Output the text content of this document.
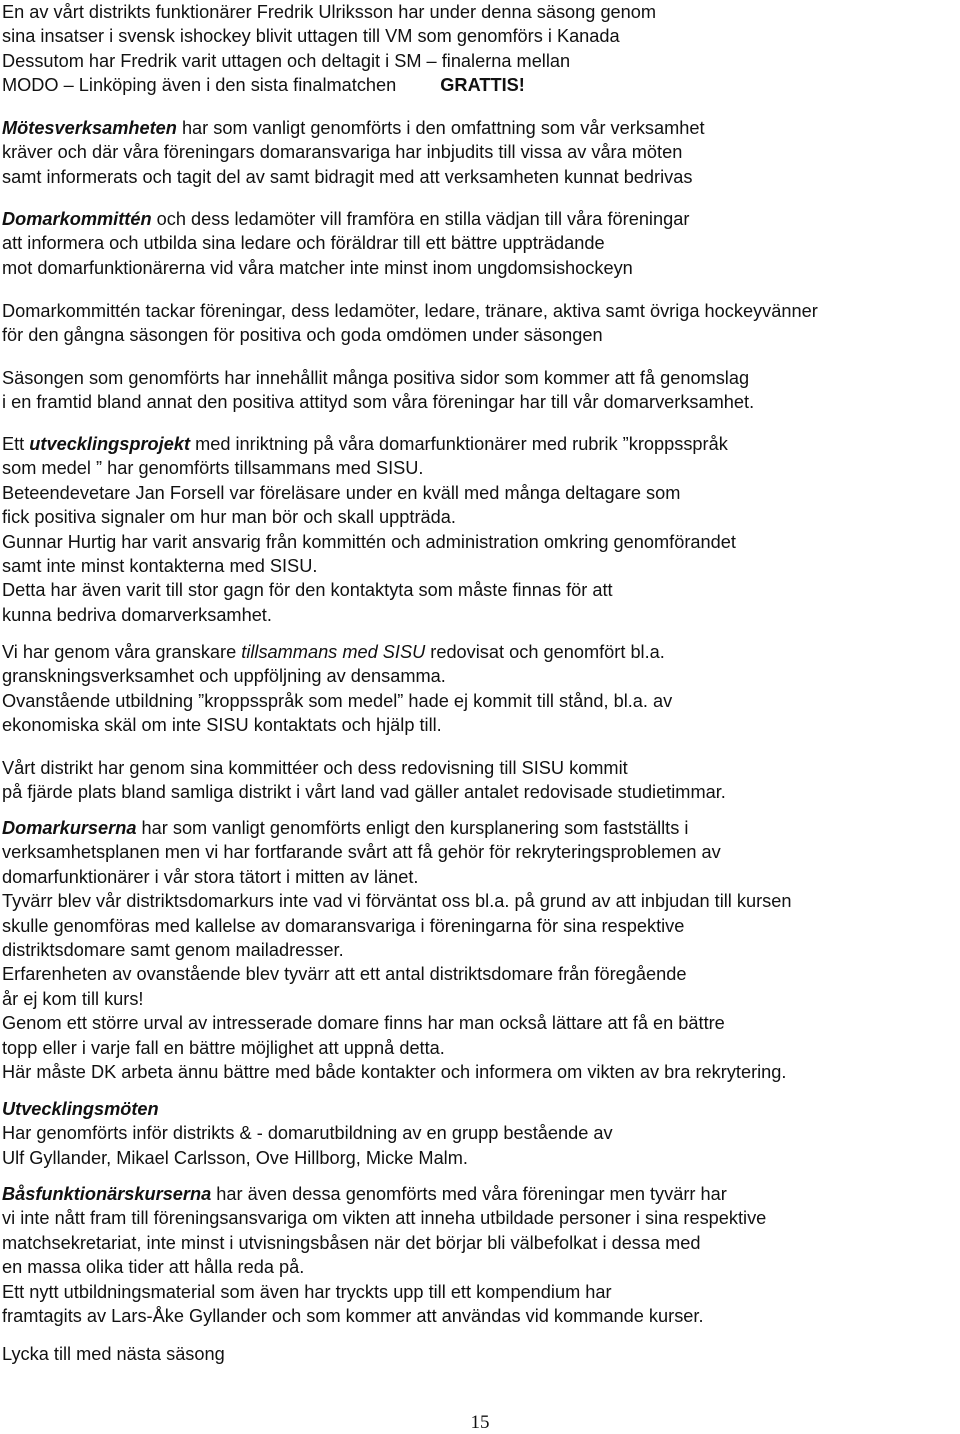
En av vårt distrikts funktionärer Fredrik Ulriksson har under denna säsong genom
sina insatser i svensk ishockey blivit uttagen till VM som genomförs i Kanada
Dessutom har Fredrik varit uttagen och deltagit i SM – finalerna mellan
MODO – Linköping även i den sista finalmatchen GRATTIS!
Mötesverksamheten har som vanligt genomförts i den omfattning som vår verksamhet
kräver och där våra föreningars domaransvariga har inbjudits till vissa av våra möten
samt informerats och tagit del av samt bidragit med att verksamheten kunnat bedrivas
Domarkommittén och dess ledamöter vill framföra en stilla vädjan till våra föreningar
att informera och utbilda sina ledare och föräldrar till ett bättre uppträdande
mot domarfunktionärerna vid våra matcher inte minst inom ungdomsishockeyn
Domarkommittén tackar föreningar, dess ledamöter, ledare, tränare, aktiva samt övriga hockeyvänner
för den gångna säsongen för positiva och goda omdömen under säsongen
Säsongen som genomförts har innehållit många positiva sidor som kommer att få genomslag
i en framtid bland annat den positiva attityd som våra föreningar har till vår domarverksamhet.
Ett utvecklingsprojekt med inriktning på våra domarfunktionärer med rubrik ”kroppsspråk
som medel ” har genomförts tillsammans med SISU.
Beteendevetare Jan Forsell var föreläsare under en kväll med många deltagare som
fick positiva signaler om hur man bör och skall uppträda.
Gunnar Hurtig har varit ansvarig från kommittén och administration omkring genomförandet
samt inte minst kontakterna med SISU.
Detta har även varit till stor gagn för den kontaktyta som måste finnas för att
kunna bedriva domarverksamhet.
Vi har genom våra granskare tillsammans med SISU redovisat och genomfört bl.a.
granskningsverksamhet och uppföljning av densamma.
Ovanstående utbildning ”kroppsspråk som medel” hade ej kommit till stånd, bl.a. av
ekonomiska skäl om inte SISU kontaktats och hjälp till.
Vårt distrikt har genom sina kommittéer och dess redovisning till SISU kommit
på fjärde plats bland samliga distrikt i vårt land vad gäller antalet redovisade studietimmar.
Domarkurserna har som vanligt genomförts enligt den kursplanering som fastställts i
verksamhetsplanen men vi har fortfarande svårt att få gehör för rekryteringsproblemen av
domarfunktionärer i vår stora tätort i mitten av länet.
Tyvärr blev vår distriktsdomarkurs inte vad vi förväntat oss bl.a. på grund av att inbjudan till kursen
skulle genomföras med kallelse av domaransvariga i föreningarna för sina respektive
distriktsdomare samt genom mailadresser.
Erfarenheten av ovanstående blev tyvärr att ett antal distriktsdomare från föregående
år ej kom till kurs!
Genom ett större urval av intresserade domare finns har man också lättare att få en bättre
topp eller i varje fall en bättre möjlighet att uppnå detta.
Här måste DK arbeta ännu bättre med både kontakter och informera om vikten av bra rekrytering.
Utvecklingsmöten
Har genomförts inför distrikts & - domarutbildning av en grupp bestående av
Ulf Gyllander, Mikael Carlsson, Ove Hillborg, Micke Malm.
Båsfunktionärskurserna har även dessa genomförts med våra föreningar men tyvärr har
vi inte nått fram till föreningsansvariga om vikten att inneha utbildade personer i sina respektive
matchsekretariat, inte minst i utvisningsbåsen när det börjar bli välbefolkat i dessa med
en massa olika tider att hålla reda på.
Ett nytt utbildningsmaterial som även har tryckts upp till ett kompendium har
framtagits av Lars-Åke Gyllander och som kommer att användas vid kommande kurser.
Lycka till med nästa säsong
15
